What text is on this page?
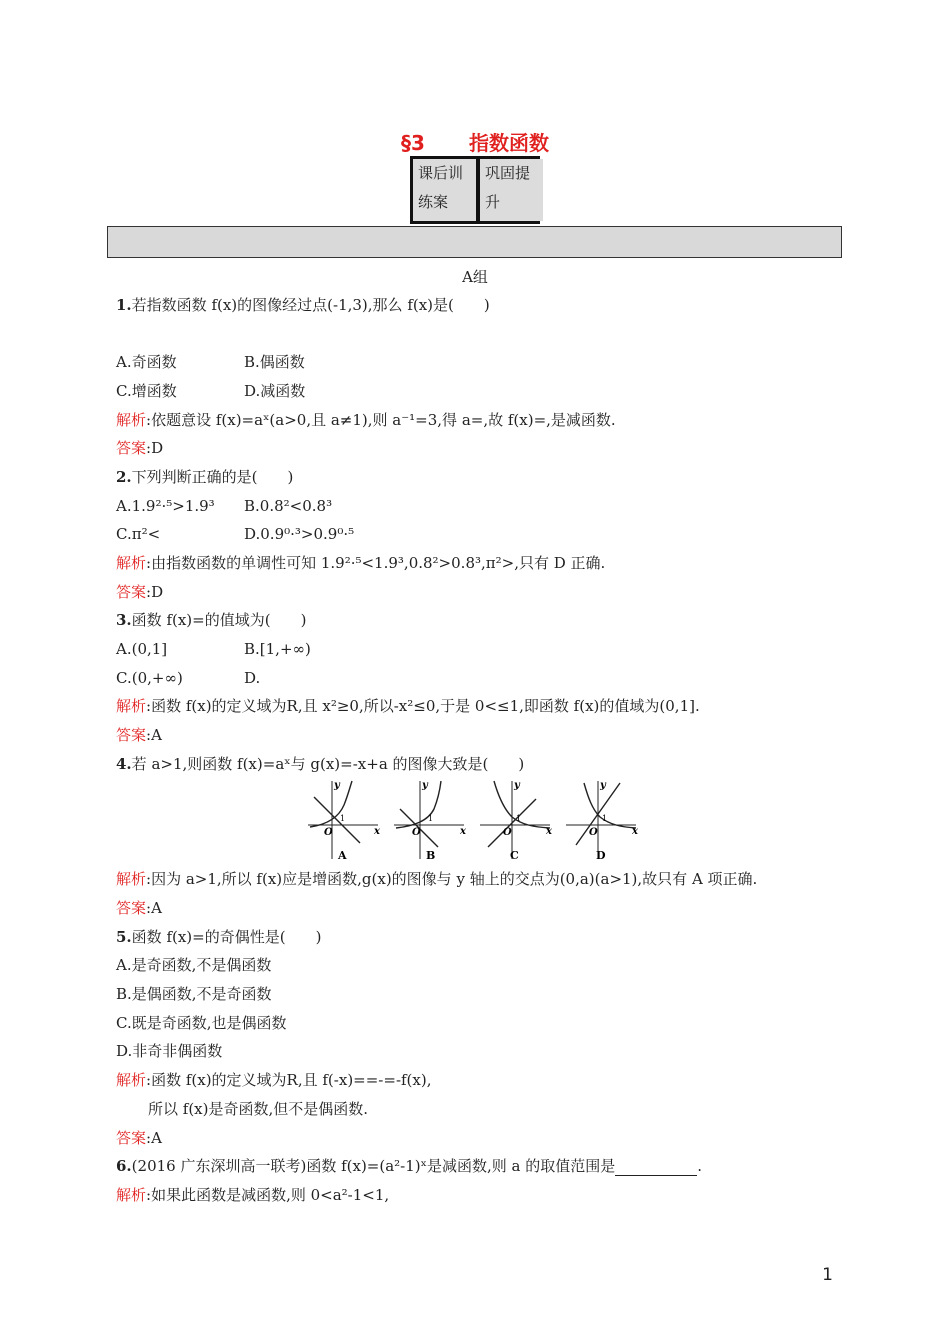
§3 指数函数
课后训
练案
巩固提
升
A组
1.若指数函数 f(x)的图像经过点(-1,3),那么 f(x)是(　　)
A.奇函数	B.偶函数
C.增函数	D.减函数
解析:依题意设 f(x)=aˣ(a>0,且 a≠1),则 a⁻¹=3,得 a=,故 f(x)=,是减函数.
答案:D
2.下列判断正确的是(　　)
A.1.9²·⁵>1.9³ B.0.8²<0.8³
C.π²<	D.0.9⁰·³>0.9⁰·⁵
解析:由指数函数的单调性可知 1.9²·⁵<1.9³,0.8²>0.8³,π²>,只有 D 正确.
答案:D
3.函数 f(x)=的值域为(　　)
A.(0,1]	B.[1,+∞)
C.(0,+∞)	D.
解析:函数 f(x)的定义域为R,且 x²≥0,所以-x²≤0,于是 0<≤1,即函数 f(x)的值域为(0,1].
答案:A
4.若 a>1,则函数 f(x)=aˣ与 g(x)=-x+a 的图像大致是(　　)
y
x
O
1
A
y
x
O
1
B
y
x
O
1
C
y
x
O
1
D
解析:因为 a>1,所以 f(x)应是增函数,g(x)的图像与 y 轴上的交点为(0,a)(a>1),故只有 A 项正确.
答案:A
5.函数 f(x)=的奇偶性是(　　)
A.是奇函数,不是偶函数
B.是偶函数,不是奇函数
C.既是奇函数,也是偶函数
D.非奇非偶函数
解析:函数 f(x)的定义域为R,且 f(-x)==-=-f(x),
所以 f(x)是奇函数,但不是偶函数.
答案:A
6.(2016 广东深圳高一联考)函数 f(x)=(a²-1)ˣ是减函数,则 a 的取值范围是	.
解析:如果此函数是减函数,则 0<a²-1<1,
1
